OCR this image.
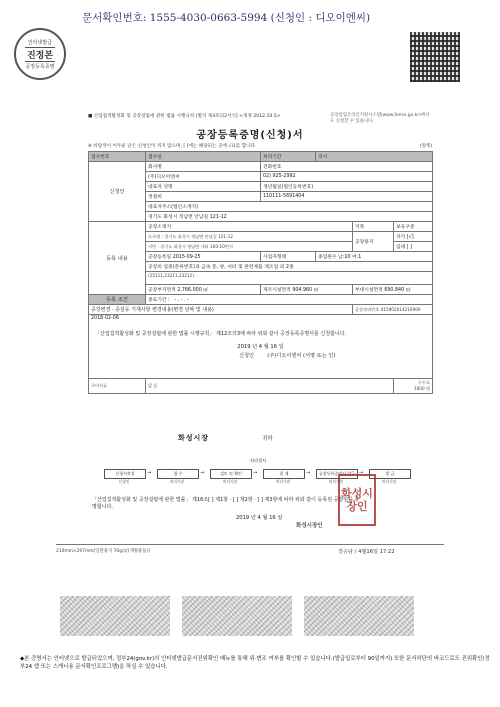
문서확인번호: 1555-4030-0663-5994 (신청인 : 디오이엔씨)
인터넷발급
진정본
공장등록증명
문서확인
■ 산업집적활성화 및 공장설립에 관한 법률 시행규칙 [별지 제4호의2서식] <개정 2012.10.5>	공장설립온라인지원시스템(www.femis.go.kr)에서도 신청할 수 있습니다.
공장등록증명(신청)서
※ 바탕색이 어두운 난은 신청인이 적지 않으며, [ ]에는 해당되는 곳에 √표를 합니다.	(앞쪽)
접수번호	접수일	처리기간	즉시		
신청인	회사명	전화번호			
	(주)디오이엔씨	02) 925-2992			
	대표자 성명	생년월일(법인등록번호)			
	정철희	110111-5691404			
	대표자주소(법인소재지)				
	경기도 화성시 정남면 안남길 121-12				
등록 내용	공장소재지			지목	보유구분
	도로명 : 경기도 화성시 정남면 안남길 121-12			공장용지	자가 [√]
	지번 : 경기도 화성시 정남면 내리 160-10번지				임대 [ ]
	공장등록일 2015-09-25	사업자형태	종업원수 남:10 여:1		
	공장의 업종(분류번호)과 금속 문, 창, 셔터 및 관련제품 제조업 외 2종				
	(25111,23211,23212)				
	공장부지면적 2,766.000 ㎡	제조시설면적 904.960 ㎡		부대시설면적 690.840 ㎡	
등록 조건	종료기간 : - . - . -				
공장변경 · 증설등 기재사항 변경내용(변경 날짜 및 내용)				공장관리번호 415902014216909	
2018-02-06					
「산업집적활성화 및 공장설립에 관한 법률 시행규칙」 제12조의3에 따라 위와 같이 공장등록증명서를 신청합니다.					
2019 년 4 월 16 일					
신청인 (주)디오이엔씨 (서명 또는 인)					

구비서류	없 음				수수료
1000 원
화성시장	귀하
처리절차
신청서작성
신청인
→	접 수
처리기관
→	검토 및 확인
처리기관
→	결 재
처리기관
→	공장등록증명서 발급
처리기관
→	발 급
처리기관
「산업집적활성화 및 공장설립에 관한 법률」 제16조[ ] 제1항 · [ ] 제2항 · [ ] 제3항에 따라 위와 같이 등록된 공장임을 증명합니다.
2019 년 4 월 16 일
화성시
장인
화성시장인
210mm×297mm[일반용지 70g/㎡(재활용품)]	강승남 / 4월16일 17:22
◆본 증명서는 인터넷으로 발급되었으며, 정부24(gov.kr)의 인터넷발급문서진위확인 메뉴를 통해 위·변조 여부를 확인할 수 있습니다.(발급일로부터 90일까지) 또한 문서하단의 바코드로도 진위확인(정부24 앱 또는 스캐너용 문서확인프로그램)을 하실 수 있습니다.
